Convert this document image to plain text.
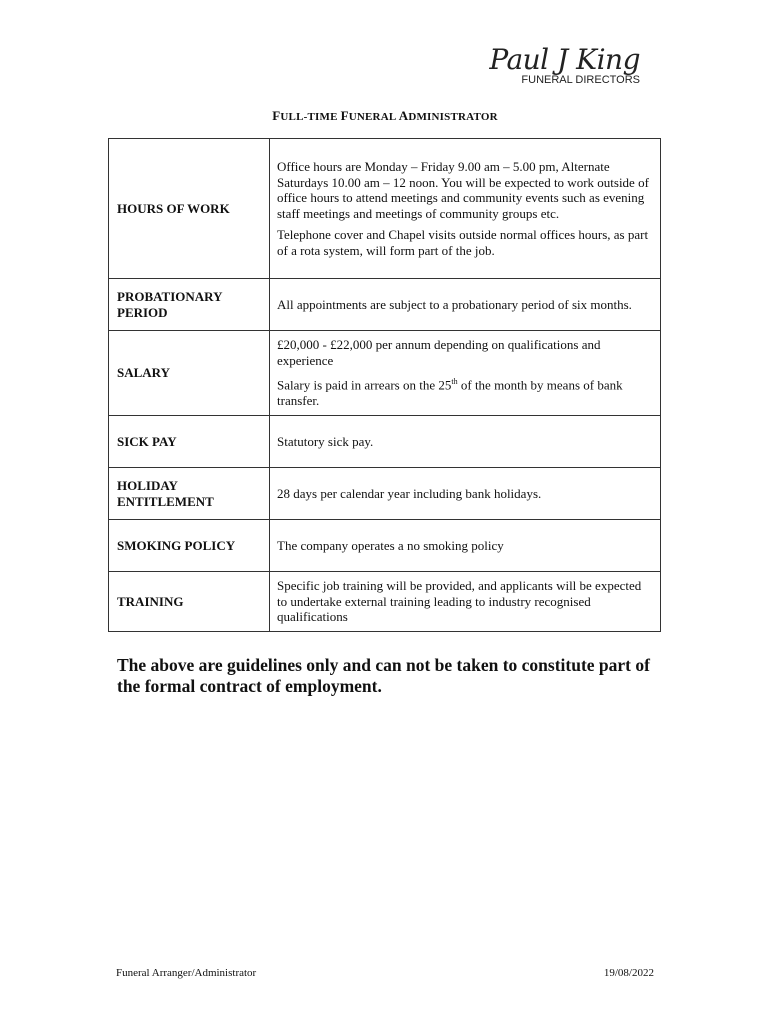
Paul J King
FUNERAL DIRECTORS
FULL-TIME FUNERAL ADMINISTRATOR
HOURS OF WORK	Office hours are Monday – Friday 9.00 am – 5.00 pm, Alternate Saturdays 10.00 am – 12 noon. You will be expected to work outside of office hours to attend meetings and community events such as evening staff meetings and meetings of community groups etc.

Telephone cover and Chapel visits outside normal offices hours, as part of a rota system, will form part of the job.

PROBATIONARY
PERIOD	All appointments are subject to a probationary period of six months.

SALARY	£20,000 - £22,000 per annum depending on qualifications and experience

Salary is paid in arrears on the 25th of the month by means of bank transfer.

SICK PAY	Statutory sick pay.

HOLIDAY
ENTITLEMENT	28 days per calendar year including bank holidays.

SMOKING POLICY	The company operates a no smoking policy

TRAINING	Specific job training will be provided, and applicants will be expected to undertake external training leading to industry recognised qualifications

The above are guidelines only and can not be taken to constitute part of the formal contract of employment.

Funeral Arranger/Administrator	19/08/2022
